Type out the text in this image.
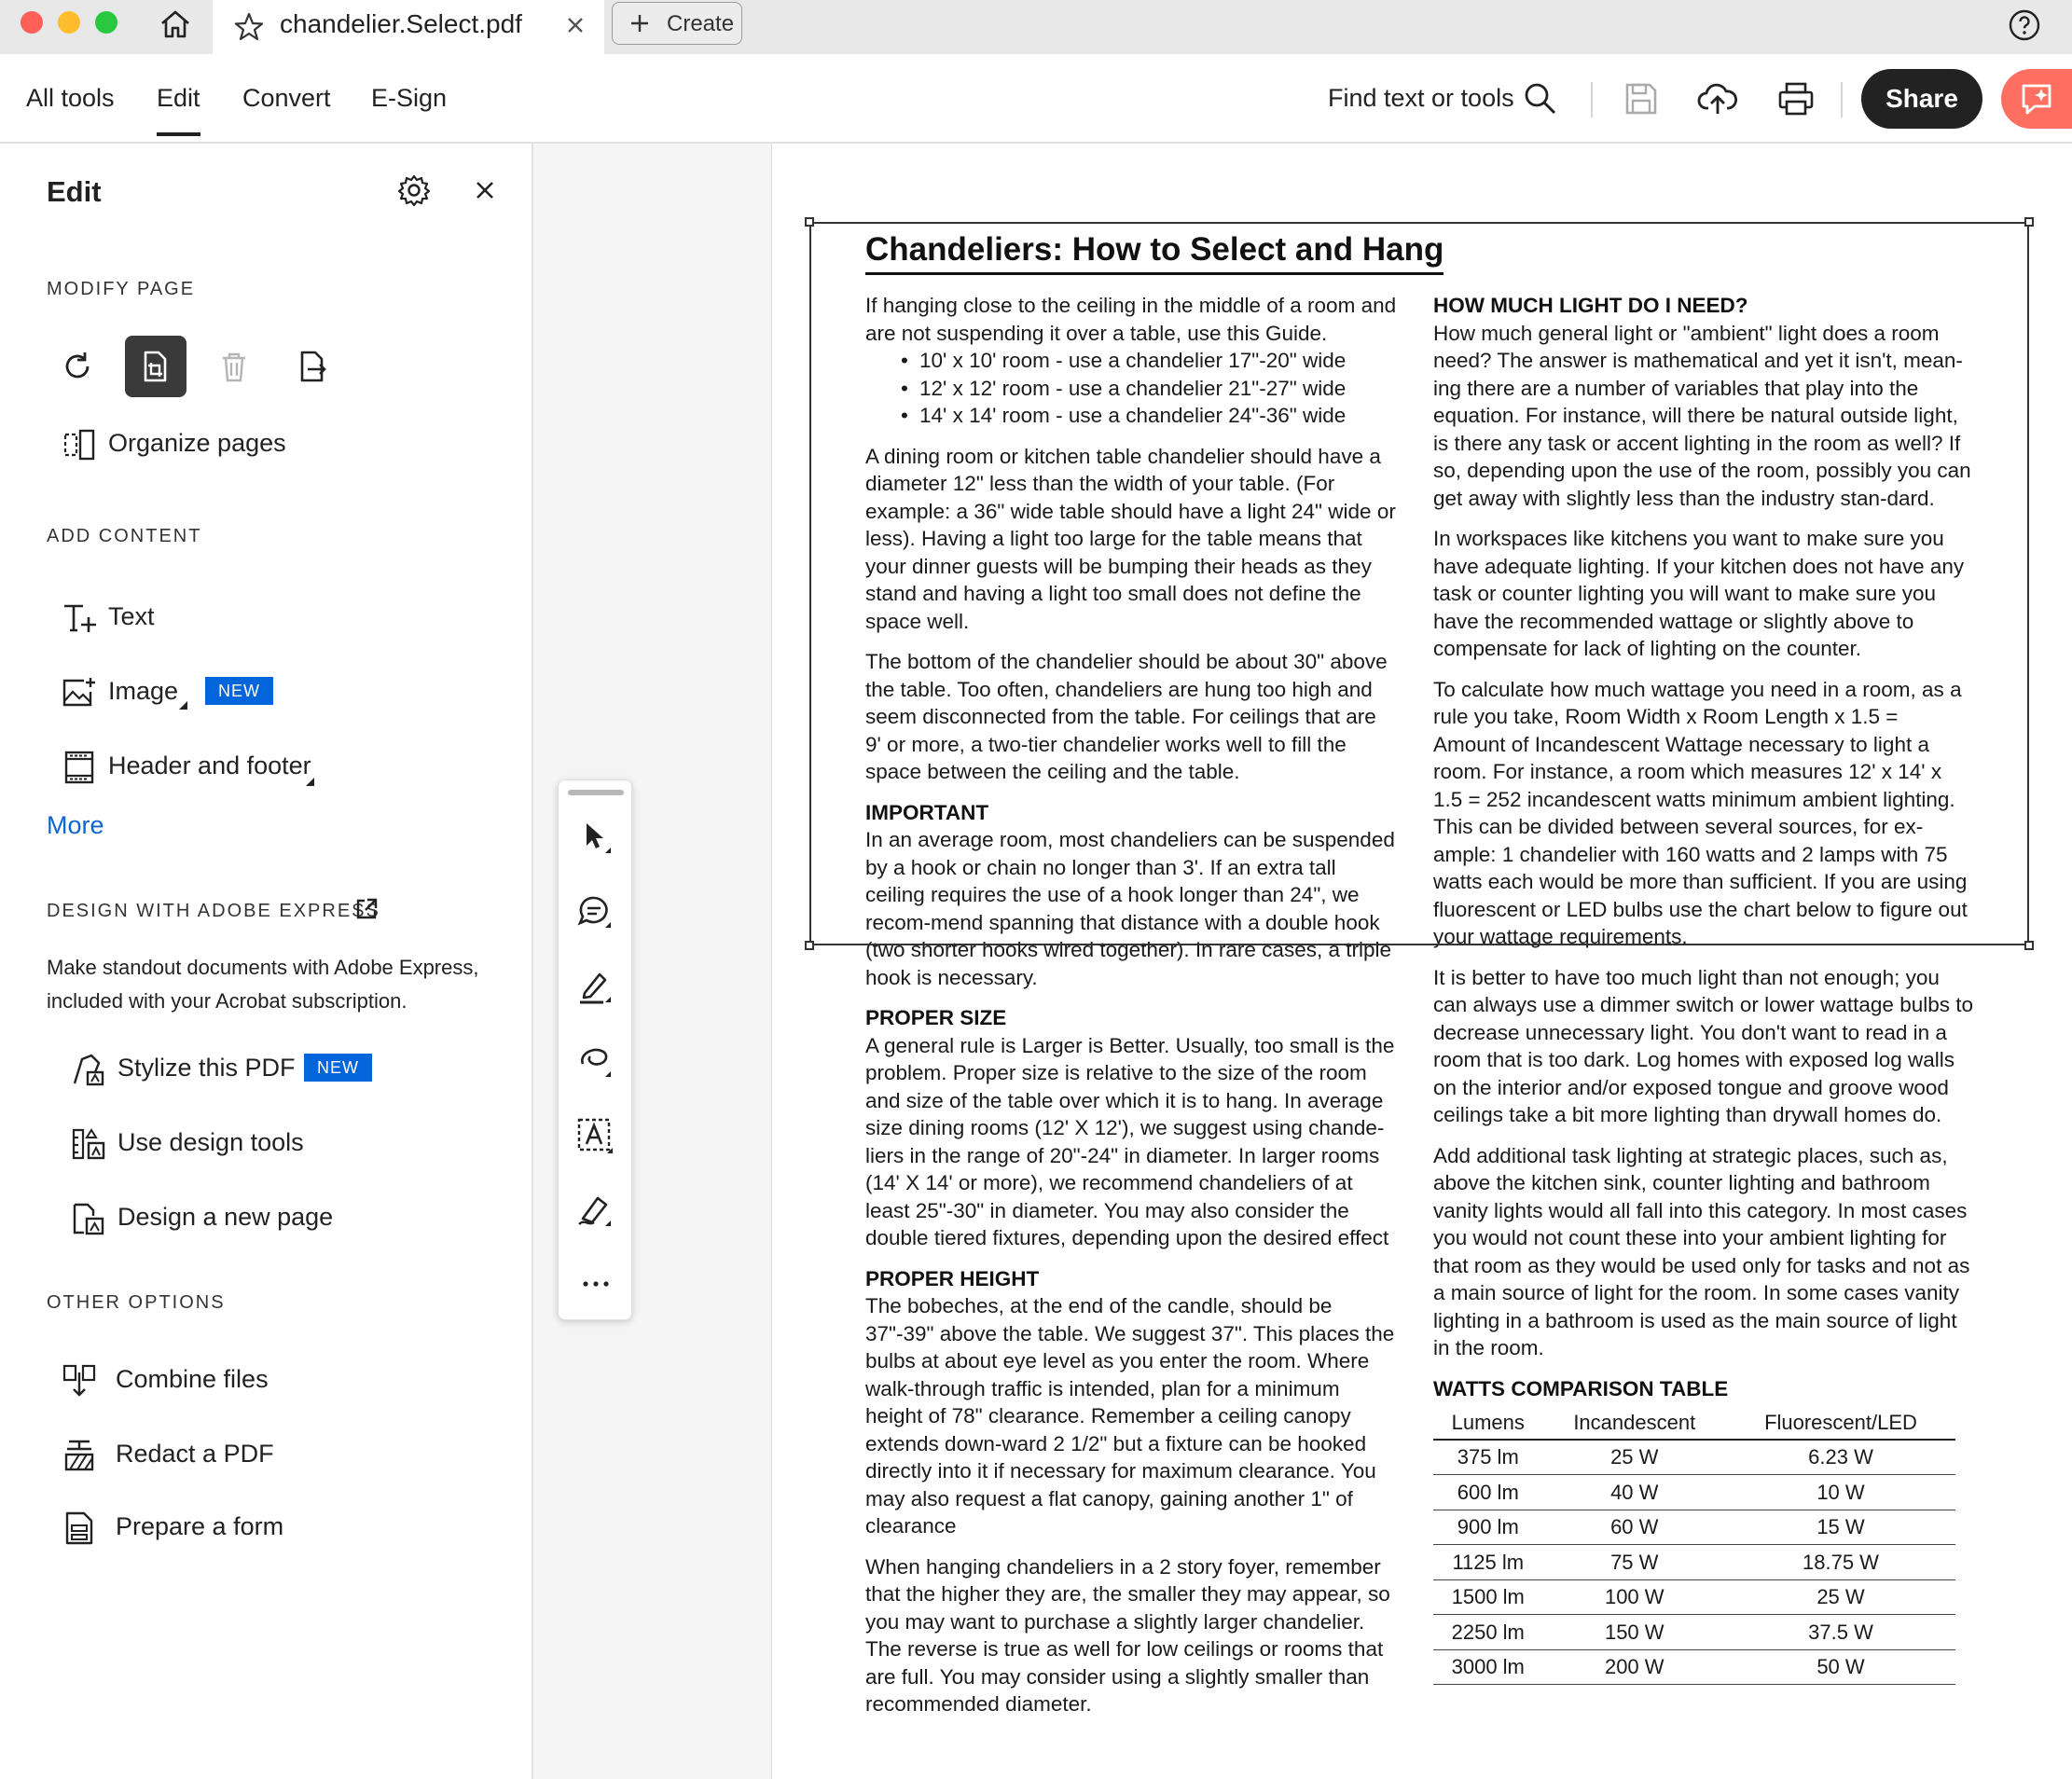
chandelier.Select.pdf	Create
All tools Edit Convert E-Sign	Find text or tools	Share
Edit
MODIFY PAGE
Organize pages
ADD CONTENT
Text
Image	NEW
Header and footer
More
DESIGN WITH ADOBE EXPRESS

Make standout documents with Adobe Express, included with your Acrobat subscription.

Stylize this PDF	NEW
Use design tools
Design a new page
OTHER OPTIONS
Combine files
Redact a PDF
Prepare a form
Chandeliers: How to Select and Hang

If hanging close to the ceiling in the middle of a room and are not suspending it over a table, use this Guide.

• 10' x 10' room - use a chandelier 17"-20" wide
• 12' x 12' room - use a chandelier 21"-27" wide
• 14' x 14' room - use a chandelier 24"-36" wide

A dining room or kitchen table chandelier should have a diameter 12" less than the width of your table. (For example: a 36" wide table should have a light 24" wide or less). Having a light too large for the table means that your dinner guests will be bumping their heads as they stand and having a light too small does not define the space well.

The bottom of the chandelier should be about 30" above the table. Too often, chandeliers are hung too high and seem disconnected from the table. For ceilings that are 9' or more, a two-tier chandelier works well to fill the space between the ceiling and the table.

IMPORTANT

In an average room, most chandeliers can be suspended by a hook or chain no longer than 3'. If an extra tall ceiling requires the use of a hook longer than 24", we recom-mend spanning that distance with a double hook (two shorter hooks wired together). In rare cases, a triple hook is necessary.

PROPER SIZE

A general rule is Larger is Better. Usually, too small is the problem. Proper size is relative to the size of the room and size of the table over which it is to hang. In average size dining rooms (12' X 12'), we suggest using chande-liers in the range of 20"-24" in diameter. In larger rooms (14' X 14' or more), we recommend chandeliers of at least 25"-30" in diameter. You may also consider the double tiered fixtures, depending upon the desired effect

PROPER HEIGHT

The bobeches, at the end of the candle, should be 37"-39" above the table. We suggest 37". This places the bulbs at about eye level as you enter the room. Where walk-through traffic is intended, plan for a minimum height of 78" clearance. Remember a ceiling canopy extends down-ward 2 1/2" but a fixture can be hooked directly into it if necessary for maximum clearance. You may also request a flat canopy, gaining another 1" of clearance

When hanging chandeliers in a 2 story foyer, remember that the higher they are, the smaller they may appear, so you may want to purchase a slightly larger chandelier. The reverse is true as well for low ceilings or rooms that are full. You may consider using a slightly smaller than recommended diameter.

HOW MUCH LIGHT DO I NEED?

How much general light or "ambient" light does a room need? The answer is mathematical and yet it isn't, mean-ing there are a number of variables that play into the equation. For instance, will there be natural outside light, is there any task or accent lighting in the room as well? If so, depending upon the use of the room, possibly you can get away with slightly less than the industry stan-dard.

In workspaces like kitchens you want to make sure you have adequate lighting. If your kitchen does not have any task or counter lighting you will want to make sure you have the recommended wattage or slightly above to compensate for lack of lighting on the counter.

To calculate how much wattage you need in a room, as a rule you take, Room Width x Room Length x 1.5 = Amount of Incandescent Wattage necessary to light a room. For instance, a room which measures 12' x 14' x 1.5 = 252 incandescent watts minimum ambient lighting. This can be divided between several sources, for ex-ample: 1 chandelier with 160 watts and 2 lamps with 75 watts each would be more than sufficient. If you are using fluorescent or LED bulbs use the chart below to figure out your wattage requirements.

It is better to have too much light than not enough; you can always use a dimmer switch or lower wattage bulbs to decrease unnecessary light. You don't want to read in a room that is too dark. Log homes with exposed log walls on the interior and/or exposed tongue and groove wood ceilings take a bit more lighting than drywall homes do.

Add additional task lighting at strategic places, such as, above the kitchen sink, counter lighting and bathroom vanity lights would all fall into this category. In most cases you would not count these into your ambient lighting for that room as they would be used only for tasks and not as a main source of light for the room. In some cases vanity lighting in a bathroom is used as the main source of light in the room.

WATTS COMPARISON TABLE
Lumens	Incandescent	Fluorescent/LED
375 lm	25 W	6.23 W
600 lm	40 W	10 W
900 lm	60 W	15 W
1125 lm	75 W	18.75 W
1500 lm	100 W	25 W
2250 lm	150 W	37.5 W
3000 lm	200 W	50 W
